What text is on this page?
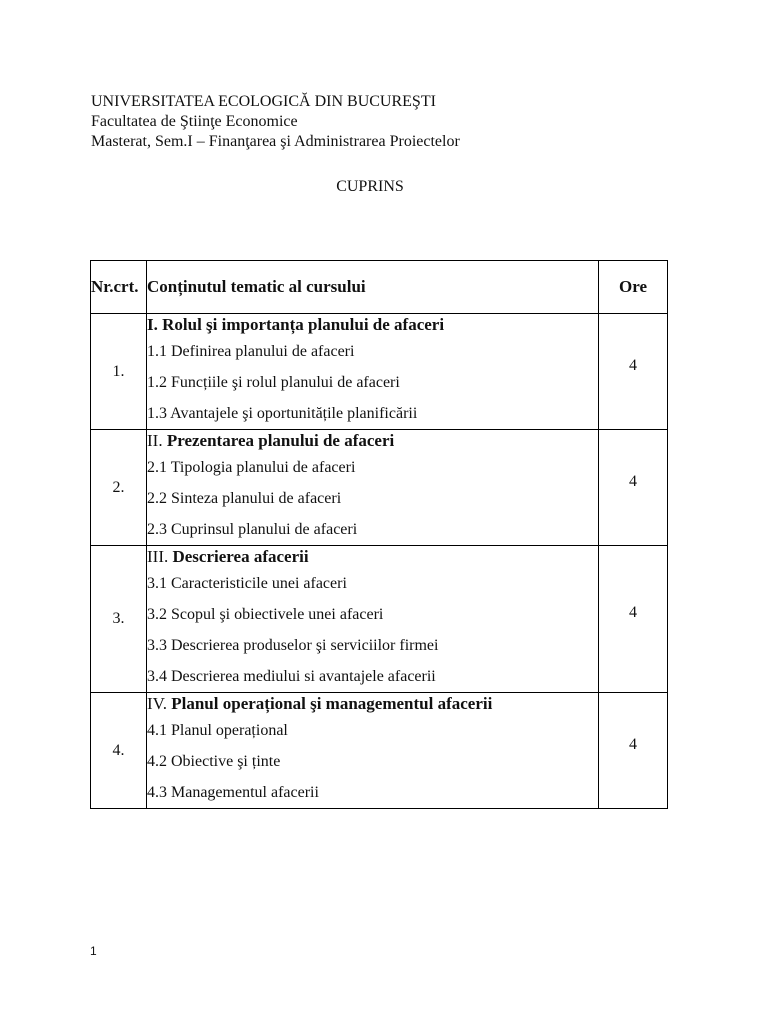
UNIVERSITATEA ECOLOGICĂ DIN BUCUREŞTI
Facultatea de Ştiinţe Economice
Masterat, Sem.I – Finanţarea şi Administrarea Proiectelor
CUPRINS
Nr.crt.	Conținutul tematic al cursului	Ore
1.	I. Rolul şi importanța planului de afaceri
1.1 Definirea planului de afaceri
1.2 Funcțiile şi rolul planului de afaceri
1.3 Avantajele şi oportunitățile planificării	4
2.	II. Prezentarea planului de afaceri
2.1 Tipologia planului de afaceri
2.2 Sinteza planului de afaceri
2.3 Cuprinsul planului de afaceri	4
3.	III. Descrierea afacerii
3.1 Caracteristicile unei afaceri
3.2 Scopul şi obiectivele unei afaceri
3.3 Descrierea produselor şi serviciilor firmei
3.4 Descrierea mediului si avantajele afacerii	4
4.	IV. Planul operațional şi managementul afacerii
4.1 Planul operațional
4.2 Obiective şi ținte
4.3 Managementul afacerii	4
1
